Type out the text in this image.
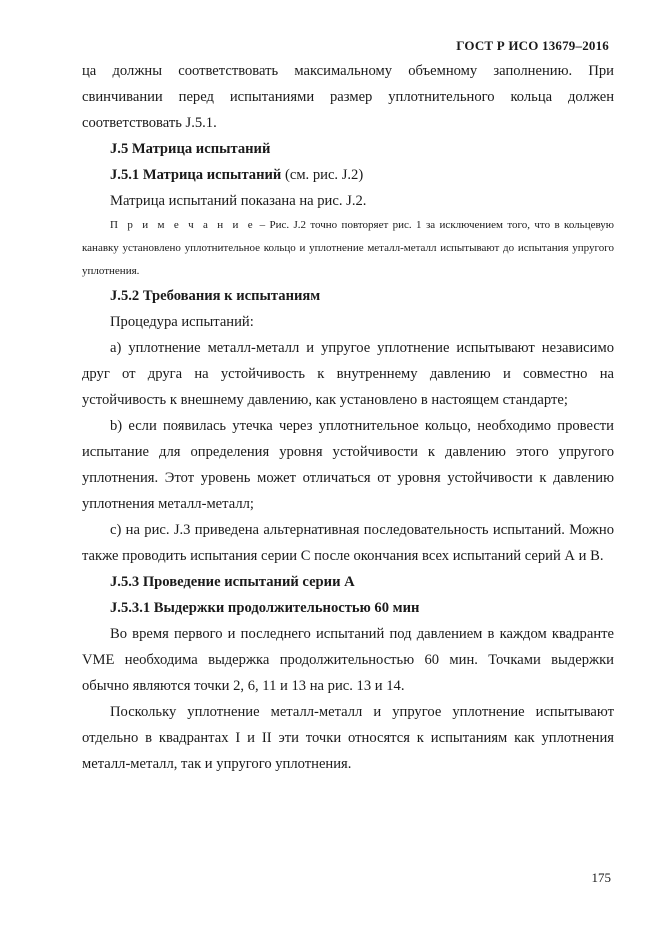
ГОСТ Р ИСО 13679–2016

ца должны соответствовать максимальному объемному заполнению. При свинчивании перед испытаниями размер уплотнительного кольца должен соответствовать J.5.1.

J.5 Матрица испытаний

J.5.1 Матрица испытаний (см. рис. J.2)

Матрица испытаний показана на рис. J.2.

П р и м е ч а н и е – Рис. J.2 точно повторяет рис. 1 за исключением того, что в кольцевую канавку установлено уплотнительное кольцо и уплотнение металл-металл испытывают до испытания упругого уплотнения.

J.5.2 Требования к испытаниям

Процедура испытаний:

a) уплотнение металл-металл и упругое уплотнение испытывают независимо друг от друга на устойчивость к внутреннему давлению и совместно на устойчивость к внешнему давлению, как установлено в настоящем стандарте;

b) если появилась утечка через уплотнительное кольцо, необходимо провести испытание для определения уровня устойчивости к давлению этого упругого уплотнения. Этот уровень может отличаться от уровня устойчивости к давлению уплотнения металл-металл;

c) на рис. J.3 приведена альтернативная последовательность испытаний. Можно также проводить испытания серии С после окончания всех испытаний серий А и В.

J.5.3 Проведение испытаний серии А

J.5.3.1 Выдержки продолжительностью 60 мин

Во время первого и последнего испытаний под давлением в каждом квадранте VME необходима выдержка продолжительностью 60 мин. Точками выдержки обычно являются точки 2, 6, 11 и 13 на рис. 13 и 14.

Поскольку уплотнение металл-металл и упругое уплотнение испытывают отдельно в квадрантах I и II эти точки относятся к испытаниям как уплотнения металл-металл, так и упругого уплотнения.

175
